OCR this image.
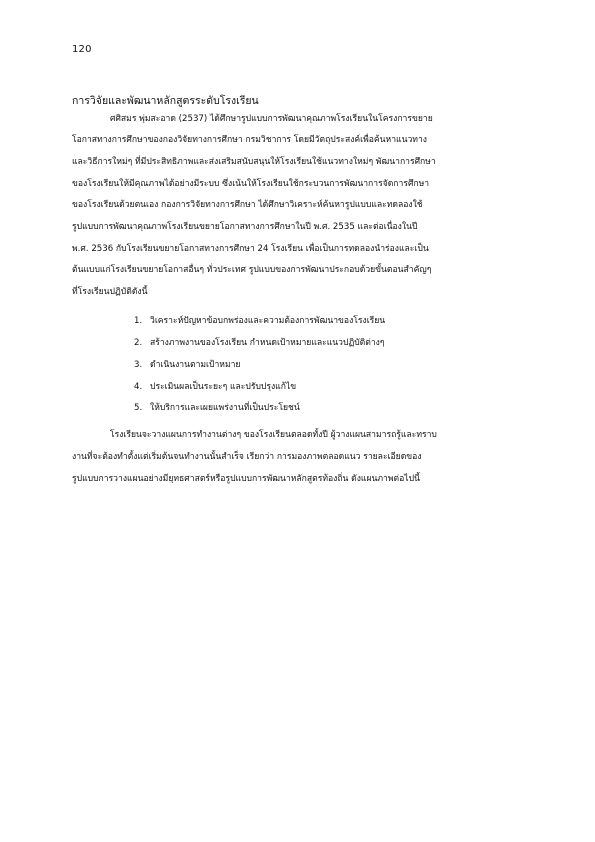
120
การวิจัยและพัฒนาหลักสูตรระดับโรงเรียน
ศศิสมร พุ่มสะอาด (2537) ได้ศึกษารูปแบบการพัฒนาคุณภาพโรงเรียนในโครงการขยาย
โอกาสทางการศึกษาของกองวิจัยทางการศึกษา กรมวิชาการ โดยมีวัตถุประสงค์เพื่อค้นหาแนวทาง
และวิธีการใหม่ๆ ที่มีประสิทธิภาพและส่งเสริมสนับสนุนให้โรงเรียนใช้แนวทางใหม่ๆ พัฒนาการศึกษา
ของโรงเรียนให้มีคุณภาพได้อย่างมีระบบ ซึ่งเน้นให้โรงเรียนใช้กระบวนการพัฒนาการจัดการศึกษา
ของโรงเรียนด้วยตนเอง กองการวิจัยทางการศึกษา ได้ศึกษาวิเคราะห์ค้นหารูปแบบและทดลองใช้
รูปแบบการพัฒนาคุณภาพโรงเรียนขยายโอกาสทางการศึกษาในปี พ.ศ. 2535 และต่อเนื่องในปี
พ.ศ. 2536 กับโรงเรียนขยายโอกาสทางการศึกษา 24 โรงเรียน เพื่อเป็นการทดลองนำร่องและเป็น
ต้นแบบแก่โรงเรียนขยายโอกาสอื่นๆ ทั่วประเทศ รูปแบบของการพัฒนาประกอบด้วยขั้นตอนสำคัญๆ
ที่โรงเรียนปฏิบัติดังนี้
1. วิเคราะห์ปัญหาข้อบกพร่องและความต้องการพัฒนาของโรงเรียน
2. สร้างภาพงานของโรงเรียน กำหนดเป้าหมายและแนวปฏิบัติต่างๆ
3. ดำเนินงานตามเป้าหมาย
4. ประเมินผลเป็นระยะๆ และปรับปรุงแก้ไข
5. ให้บริการและเผยแพร่งานที่เป็นประโยชน์
โรงเรียนจะวางแผนการทำงานต่างๆ ของโรงเรียนตลอดทั้งปี ผู้วางแผนสามารถรู้และทราบ
งานที่จะต้องทำตั้งแต่เริ่มต้นจนทำงานนั้นสำเร็จ เรียกว่า การมองภาพตลอดแนว รายละเอียดของ
รูปแบบการวางแผนอย่างมียุทธศาสตร์หรือรูปแบบการพัฒนาหลักสูตรท้องถิ่น ดังแผนภาพต่อไปนี้
